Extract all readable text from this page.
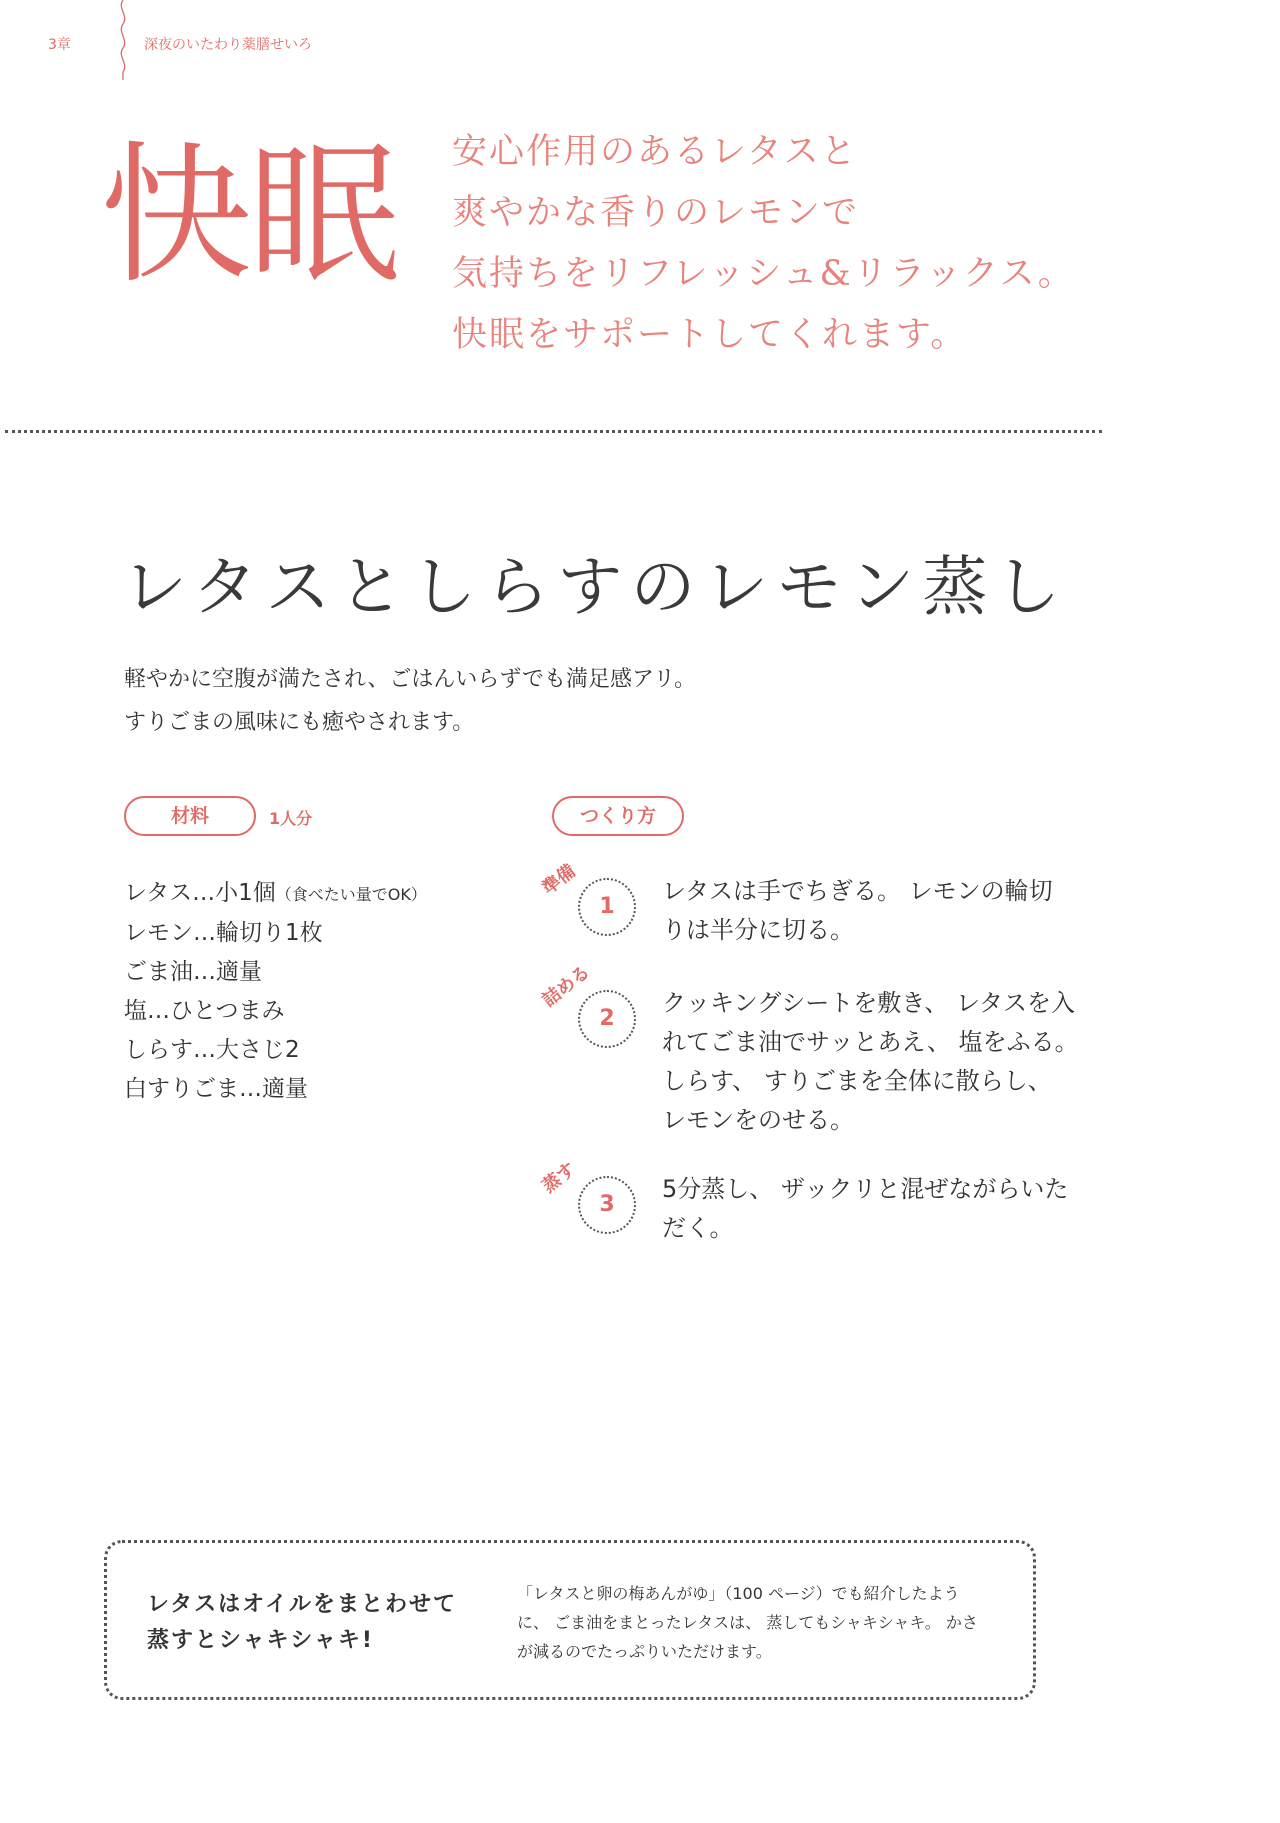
3章	深夜のいたわり薬膳せいろ
快眠 安心作用のあるレタスと
爽やかな香りのレモンで
気持ちをリフレッシュ&リラックス。
快眠をサポートしてくれます。
レタスとしらすのレモン蒸し
軽やかに空腹が満たされ、ごはんいらずでも満足感アリ。
すりごまの風味にも癒やされます。
材料	1人分	つくり方
レタス…小1個（食べたい量でOK）
レモン…輪切り1枚
ごま油…適量
塩…ひとつまみ
しらす…大さじ2
白すりごま…適量
1
準備	レタスは手でちぎる。 レモンの輪切
りは半分に切る。
2
詰める	クッキングシートを敷き、 レタスを入
れてごま油でサッとあえ、 塩をふる。
しらす、 すりごまを全体に散らし、
レモンをのせる。
3
蒸す	5分蒸し、 ザックリと混ぜながらいた
だく。
レタスはオイルをまとわせて
蒸すとシャキシャキ!
「レタスと卵の梅あんがゆ」（100 ページ）でも紹介したよう
に、 ごま油をまとったレタスは、 蒸してもシャキシャキ。 かさ
が減るのでたっぷりいただけます。
